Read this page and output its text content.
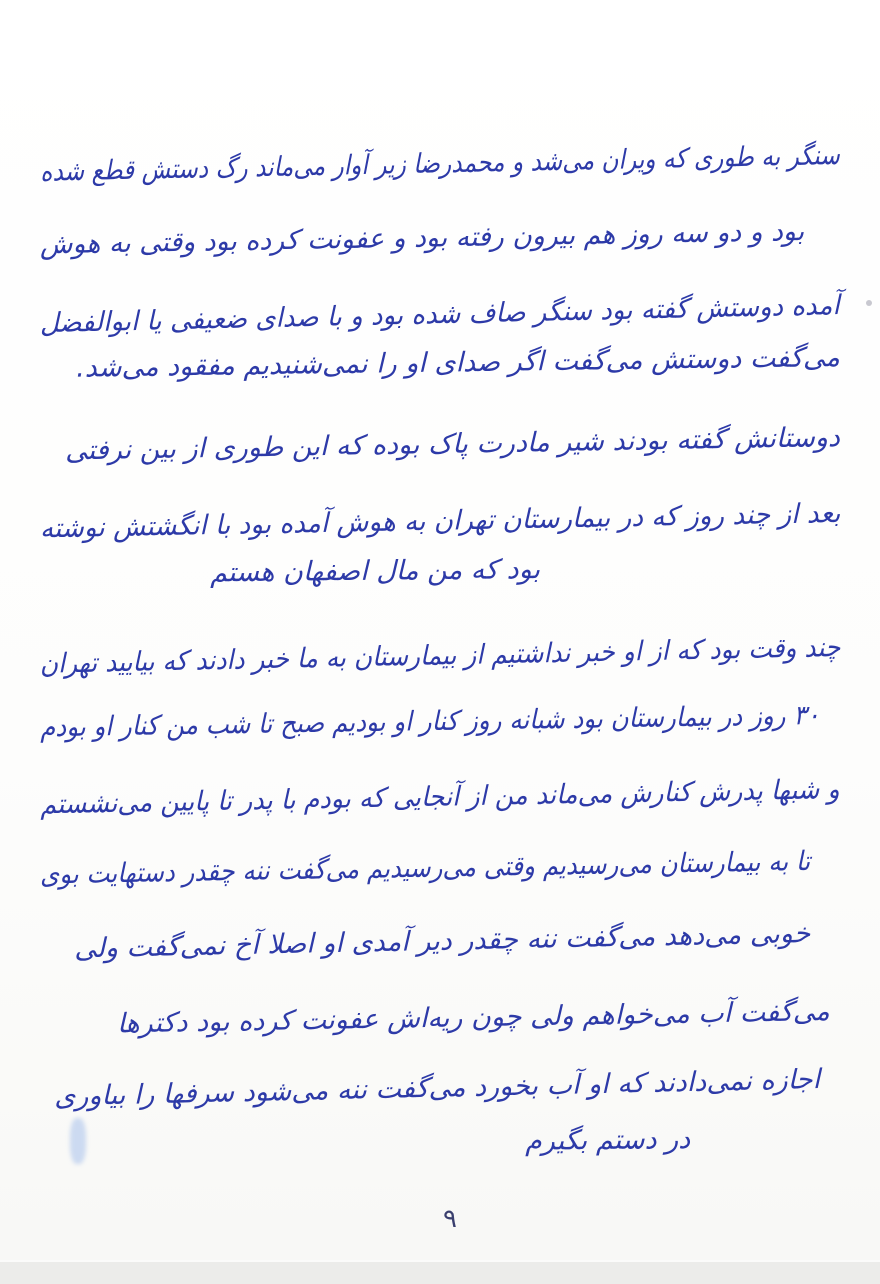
سنگر به طوری که ویران می‌شد و محمدرضا زیر آوار می‌ماند رگ دستش قطع شده
بود و دو سه روز هم بیرون رفته بود و عفونت کرده بود وقتی به هوش
آمده دوستش گفته بود سنگر صاف شده بود و با صدای ضعیفی یا ابوالفضل
می‌گفت دوستش می‌گفت اگر صدای او را نمی‌شنیدیم مفقود می‌شد.
دوستانش گفته بودند شیر مادرت پاک بوده که این طوری از بین نرفتی
بعد از چند روز که در بیمارستان تهران به هوش آمده بود با انگشتش نوشته
بود که من مال اصفهان هستم
چند وقت بود که از او خبر نداشتیم از بیمارستان به ما خبر دادند که بیایید تهران
۳۰ روز در بیمارستان بود شبانه روز کنار او بودیم صبح تا شب من کنار او بودم
و شبها پدرش کنارش می‌ماند من از آنجایی که بودم با پدر تا پایین می‌نشستم
تا به بیمارستان می‌رسیدیم وقتی می‌رسیدیم می‌گفت ننه چقدر دستهایت بوی
خوبی می‌دهد می‌گفت ننه چقدر دیر آمدی او اصلا آخ نمی‌گفت ولی
می‌گفت آب می‌خواهم ولی چون ریه‌اش عفونت کرده بود دکترها
اجازه نمی‌دادند که او آب بخورد می‌گفت ننه می‌شود سرفها را بیاوری
در دستم بگیرم
۹
